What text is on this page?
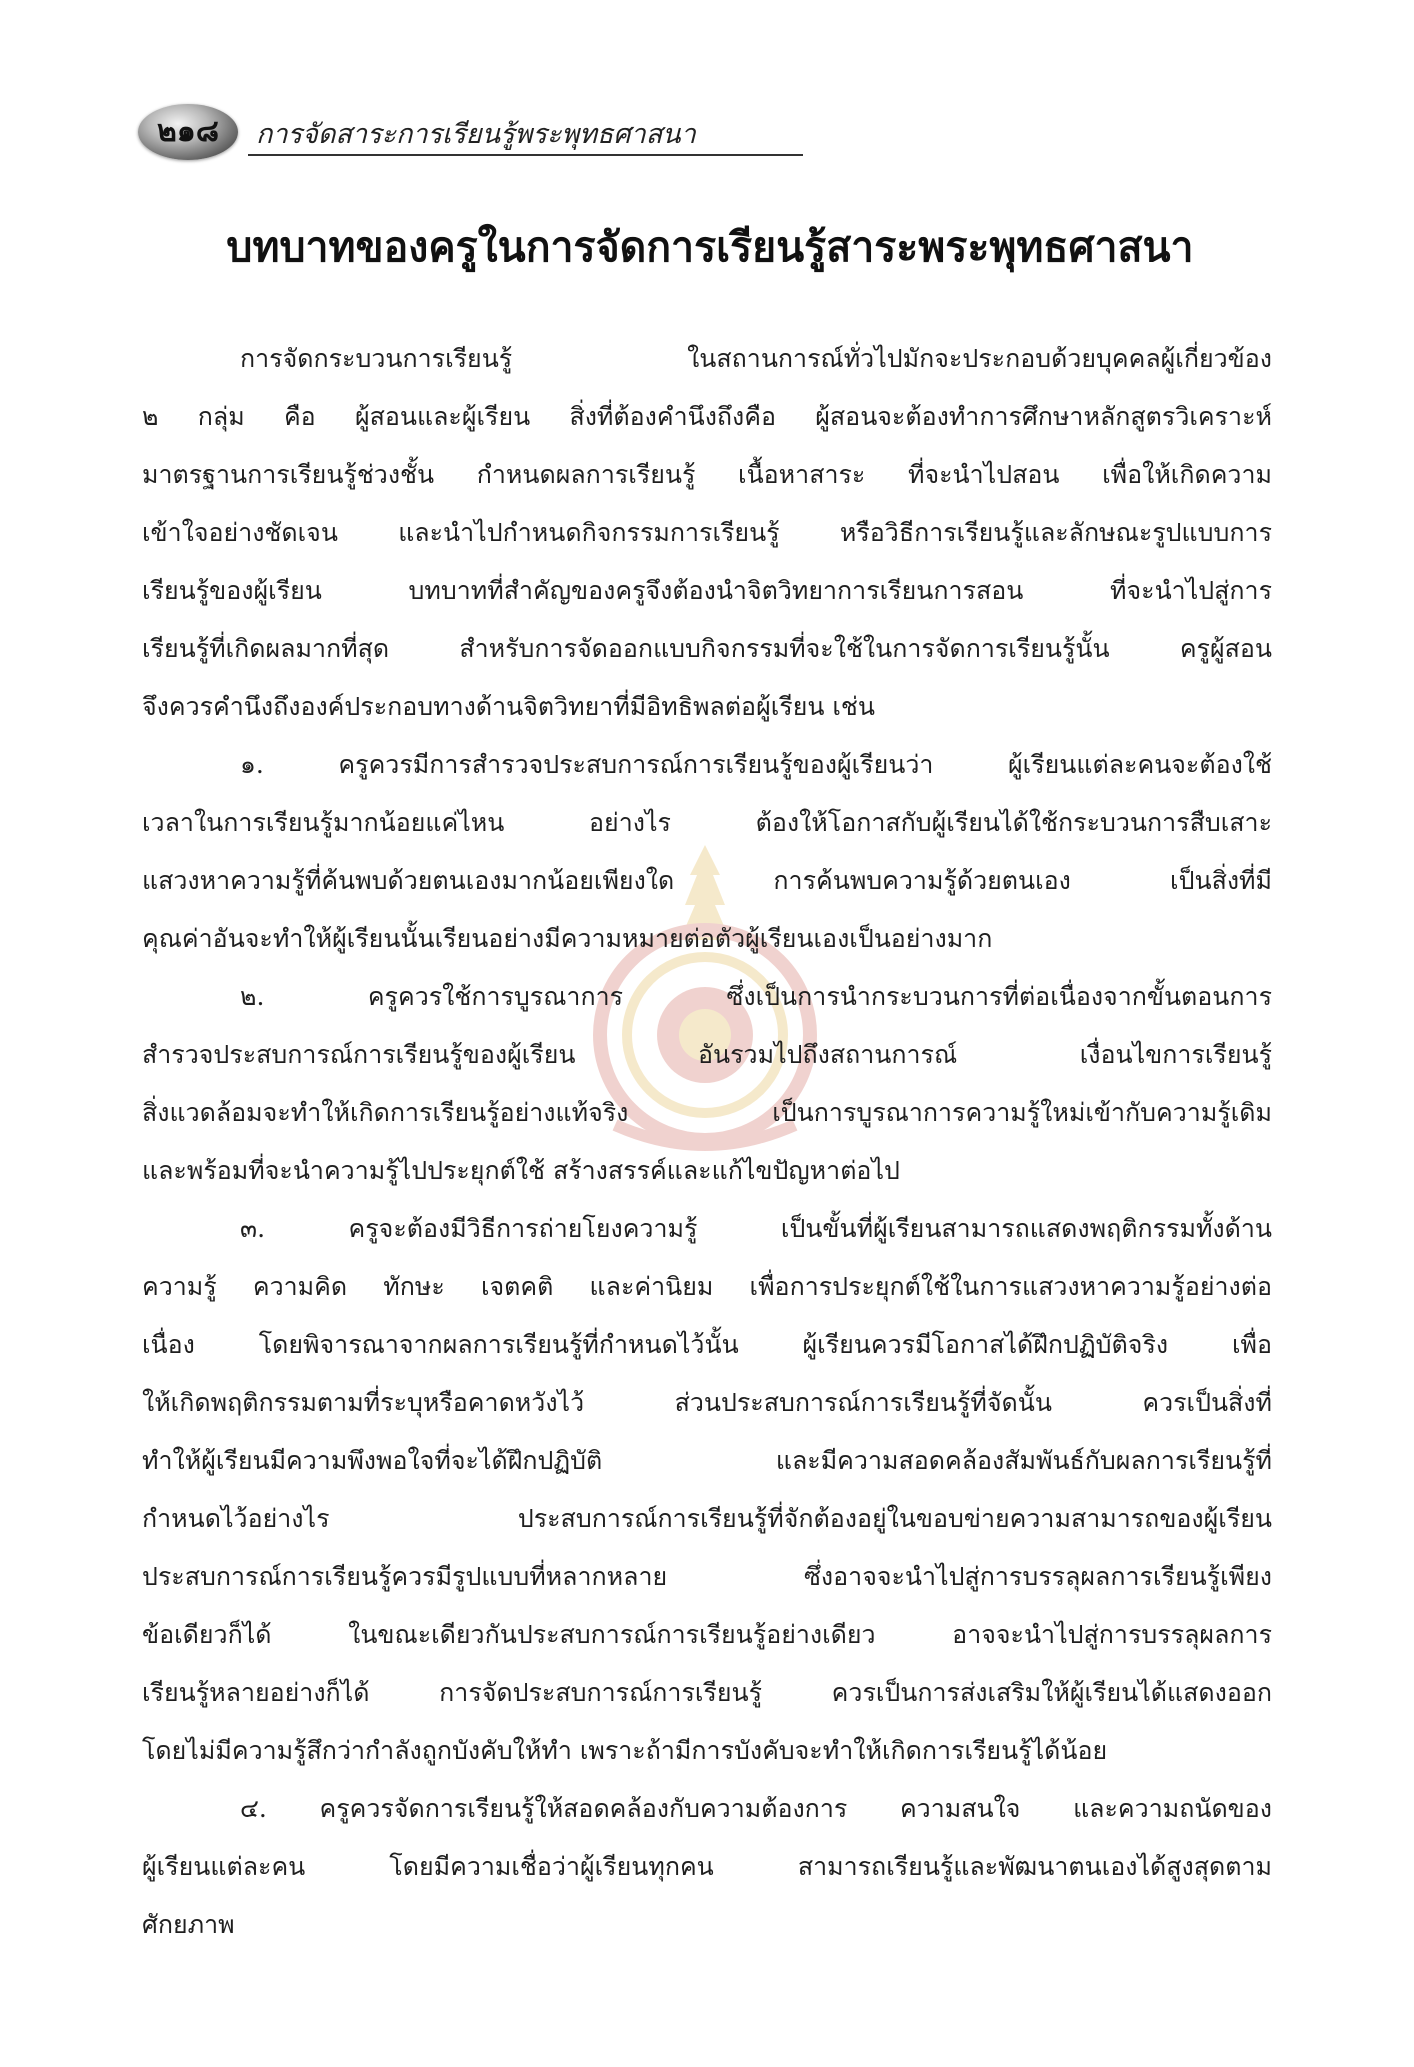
๒๑๘	การจัดสาระการเรียนรู้พระพุทธศาสนา
บทบาทของครูในการจัดการเรียนรู้สาระพระพุทธศาสนา
การจัดกระบวนการเรียนรู้ ในสถานการณ์ทั่วไปมักจะประกอบด้วยบุคคลผู้เกี่ยวข้อง
๒ กลุ่ม คือ ผู้สอนและผู้เรียน สิ่งที่ต้องคำนึงถึงคือ ผู้สอนจะต้องทำการศึกษาหลักสูตรวิเคราะห์
มาตรฐานการเรียนรู้ช่วงชั้น กำหนดผลการเรียนรู้ เนื้อหาสาระ ที่จะนำไปสอน เพื่อให้เกิดความ
เข้าใจอย่างชัดเจน และนำไปกำหนดกิจกรรมการเรียนรู้ หรือวิธีการเรียนรู้และลักษณะรูปแบบการ
เรียนรู้ของผู้เรียน บทบาทที่สำคัญของครูจึงต้องนำจิตวิทยาการเรียนการสอน ที่จะนำไปสู่การ
เรียนรู้ที่เกิดผลมากที่สุด สำหรับการจัดออกแบบกิจกรรมที่จะใช้ในการจัดการเรียนรู้นั้น ครูผู้สอน
จึงควรคำนึงถึงองค์ประกอบทางด้านจิตวิทยาที่มีอิทธิพลต่อผู้เรียน เช่น
๑. ครูควรมีการสำรวจประสบการณ์การเรียนรู้ของผู้เรียนว่า ผู้เรียนแต่ละคนจะต้องใช้
เวลาในการเรียนรู้มากน้อยแค่ไหน อย่างไร ต้องให้โอกาสกับผู้เรียนได้ใช้กระบวนการสืบเสาะ
แสวงหาความรู้ที่ค้นพบด้วยตนเองมากน้อยเพียงใด การค้นพบความรู้ด้วยตนเอง เป็นสิ่งที่มี
คุณค่าอันจะทำให้ผู้เรียนนั้นเรียนอย่างมีความหมายต่อตัวผู้เรียนเองเป็นอย่างมาก
๒. ครูควรใช้การบูรณาการ ซึ่งเป็นการนำกระบวนการที่ต่อเนื่องจากขั้นตอนการ
สำรวจประสบการณ์การเรียนรู้ของผู้เรียน อันรวมไปถึงสถานการณ์ เงื่อนไขการเรียนรู้
สิ่งแวดล้อมจะทำให้เกิดการเรียนรู้อย่างแท้จริง เป็นการบูรณาการความรู้ใหม่เข้ากับความรู้เดิม
และพร้อมที่จะนำความรู้ไปประยุกต์ใช้ สร้างสรรค์และแก้ไขปัญหาต่อไป
๓. ครูจะต้องมีวิธีการถ่ายโยงความรู้ เป็นขั้นที่ผู้เรียนสามารถแสดงพฤติกรรมทั้งด้าน
ความรู้ ความคิด ทักษะ เจตคติ และค่านิยม เพื่อการประยุกต์ใช้ในการแสวงหาความรู้อย่างต่อ
เนื่อง โดยพิจารณาจากผลการเรียนรู้ที่กำหนดไว้นั้น ผู้เรียนควรมีโอกาสได้ฝึกปฏิบัติจริง เพื่อ
ให้เกิดพฤติกรรมตามที่ระบุหรือคาดหวังไว้ ส่วนประสบการณ์การเรียนรู้ที่จัดนั้น ควรเป็นสิ่งที่
ทำให้ผู้เรียนมีความพึงพอใจที่จะได้ฝึกปฏิบัติ และมีความสอดคล้องสัมพันธ์กับผลการเรียนรู้ที่
กำหนดไว้อย่างไร ประสบการณ์การเรียนรู้ที่จักต้องอยู่ในขอบข่ายความสามารถของผู้เรียน
ประสบการณ์การเรียนรู้ควรมีรูปแบบที่หลากหลาย ซึ่งอาจจะนำไปสู่การบรรลุผลการเรียนรู้เพียง
ข้อเดียวก็ได้ ในขณะเดียวกันประสบการณ์การเรียนรู้อย่างเดียว อาจจะนำไปสู่การบรรลุผลการ
เรียนรู้หลายอย่างก็ได้ การจัดประสบการณ์การเรียนรู้ ควรเป็นการส่งเสริมให้ผู้เรียนได้แสดงออก
โดยไม่มีความรู้สึกว่ากำลังถูกบังคับให้ทำ เพราะถ้ามีการบังคับจะทำให้เกิดการเรียนรู้ได้น้อย
๔. ครูควรจัดการเรียนรู้ให้สอดคล้องกับความต้องการ ความสนใจ และความถนัดของ
ผู้เรียนแต่ละคน โดยมีความเชื่อว่าผู้เรียนทุกคน สามารถเรียนรู้และพัฒนาตนเองได้สูงสุดตาม
ศักยภาพ
